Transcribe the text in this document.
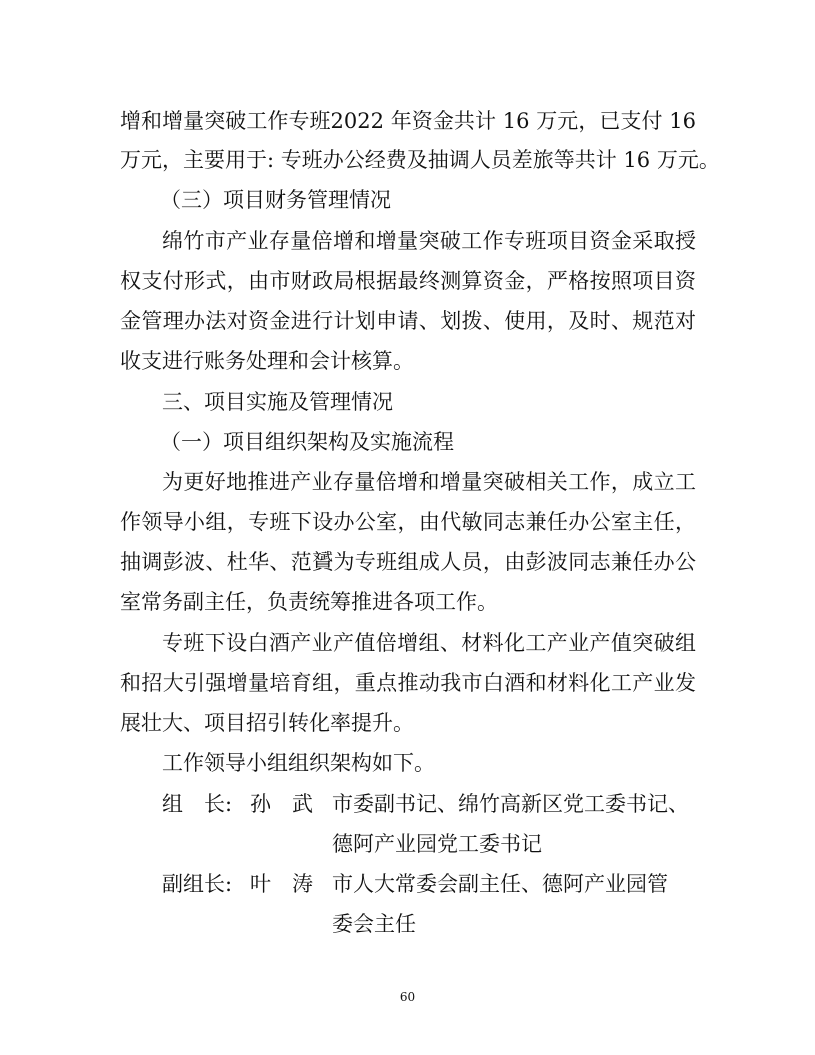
增和增量突破工作专班2022 年资金共计 16 万元，已支付 16

万元，主要用于: 专班办公经费及抽调人员差旅等共计 16 万元。

（三）项目财务管理情况

绵竹市产业存量倍增和增量突破工作专班项目资金采取授

权支付形式，由市财政局根据最终测算资金，严格按照项目资

金管理办法对资金进行计划申请、划拨、使用，及时、规范对

收支进行账务处理和会计核算。

三、项目实施及管理情况

（一）项目组织架构及实施流程

为更好地推进产业存量倍增和增量突破相关工作，成立工

作领导小组，专班下设办公室，由代敏同志兼任办公室主任，

抽调彭波、杜华、范贇为专班组成人员，由彭波同志兼任办公

室常务副主任，负责统筹推进各项工作。

专班下设白酒产业产值倍增组、材料化工产业产值突破组

和招大引强增量培育组，重点推动我市白酒和材料化工产业发

展壮大、项目招引转化率提升。

工作领导小组组织架构如下。

组　长: 孙　武 市委副书记、绵竹高新区党工委书记、

德阿产业园党工委书记

副组长: 叶　涛 市人大常委会副主任、德阿产业园管

委会主任

60
